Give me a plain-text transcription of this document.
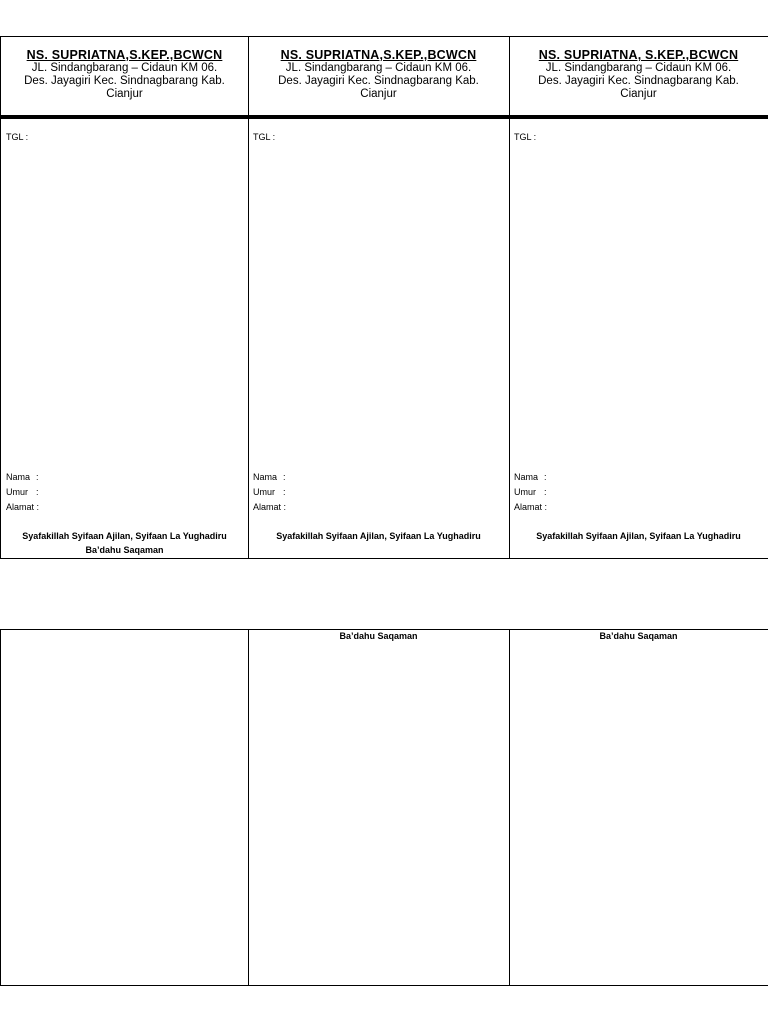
NS. SUPRIATNA,S.KEP.,BCWCN
JL. Sindangbarang – Cidaun KM 06.
Des. Jayagiri Kec. Sindnagbarang Kab.
Cianjur
TGL :
Nama :
Umur :
Alamat :
Syafakillah Syifaan Ajilan, Syifaan La Yughadiru
Ba’dahu Saqaman
NS. SUPRIATNA,S.KEP.,BCWCN
JL. Sindangbarang – Cidaun KM 06.
Des. Jayagiri Kec. Sindnagbarang Kab.
Cianjur
TGL :
Nama :
Umur :
Alamat :
Syafakillah Syifaan Ajilan, Syifaan La Yughadiru
NS. SUPRIATNA, S.KEP.,BCWCN
JL. Sindangbarang – Cidaun KM 06.
Des. Jayagiri Kec. Sindnagbarang Kab.
Cianjur
TGL :
Nama :
Umur :
Alamat :
Syafakillah Syifaan Ajilan, Syifaan La Yughadiru
Ba’dahu Saqaman	Ba’dahu Saqaman
